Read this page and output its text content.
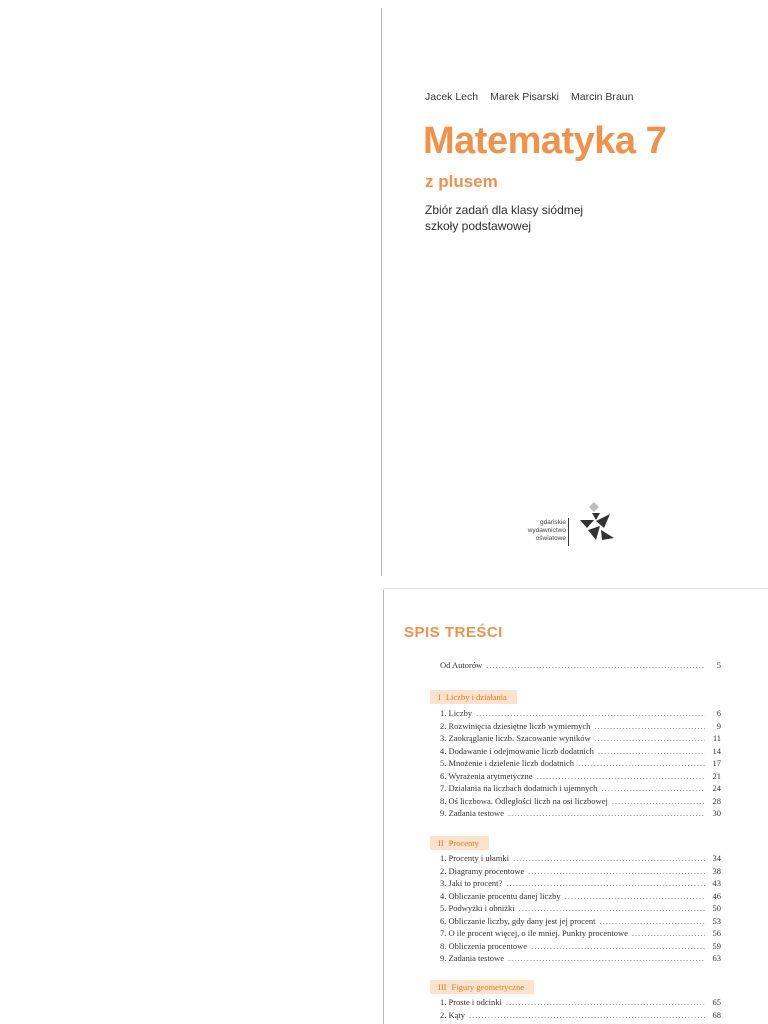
Jacek Lech Marek Pisarski Marcin Braun
Matematyka 7
z plusem
Zbiór zadań dla klasy siódmej
szkoły podstawowej
gdańskie
wydawnictwo
oświatowe
SPIS TREŚCI
Od Autorów .....	5
I Liczby i działania
1. Liczby .....	6
2. Rozwinięcia dziesiętne liczb wymiernych .....	9
3. Zaokrąglanie liczb. Szacowanie wyników .....	11
4. Dodawanie i odejmowanie liczb dodatnich .....	14
5. Mnożenie i dzielenie liczb dodatnich .....	17
6. Wyrażenia arytmetyczne .....	21
7. Działania na liczbach dodatnich i ujemnych .....	24
8. Oś liczbowa. Odległości liczb na osi liczbowej .....	28
9. Zadania testowe .....	30
II Procenty
1. Procenty i ułamki .....	34
2. Diagramy procentowe .....	38
3. Jaki to procent? .....	43
4. Obliczanie procentu danej liczby .....	46
5. Podwyżki i obniżki .....	50
6. Obliczanie liczby, gdy dany jest jej procent .....	53
7. O ile procent więcej, o ile mniej. Punkty procentowe .....	56
8. Obliczenia procentowe .....	59
9. Zadania testowe .....	63
III Figury geometryczne
1. Proste i odcinki .....	65
2. Kąty .....	68
